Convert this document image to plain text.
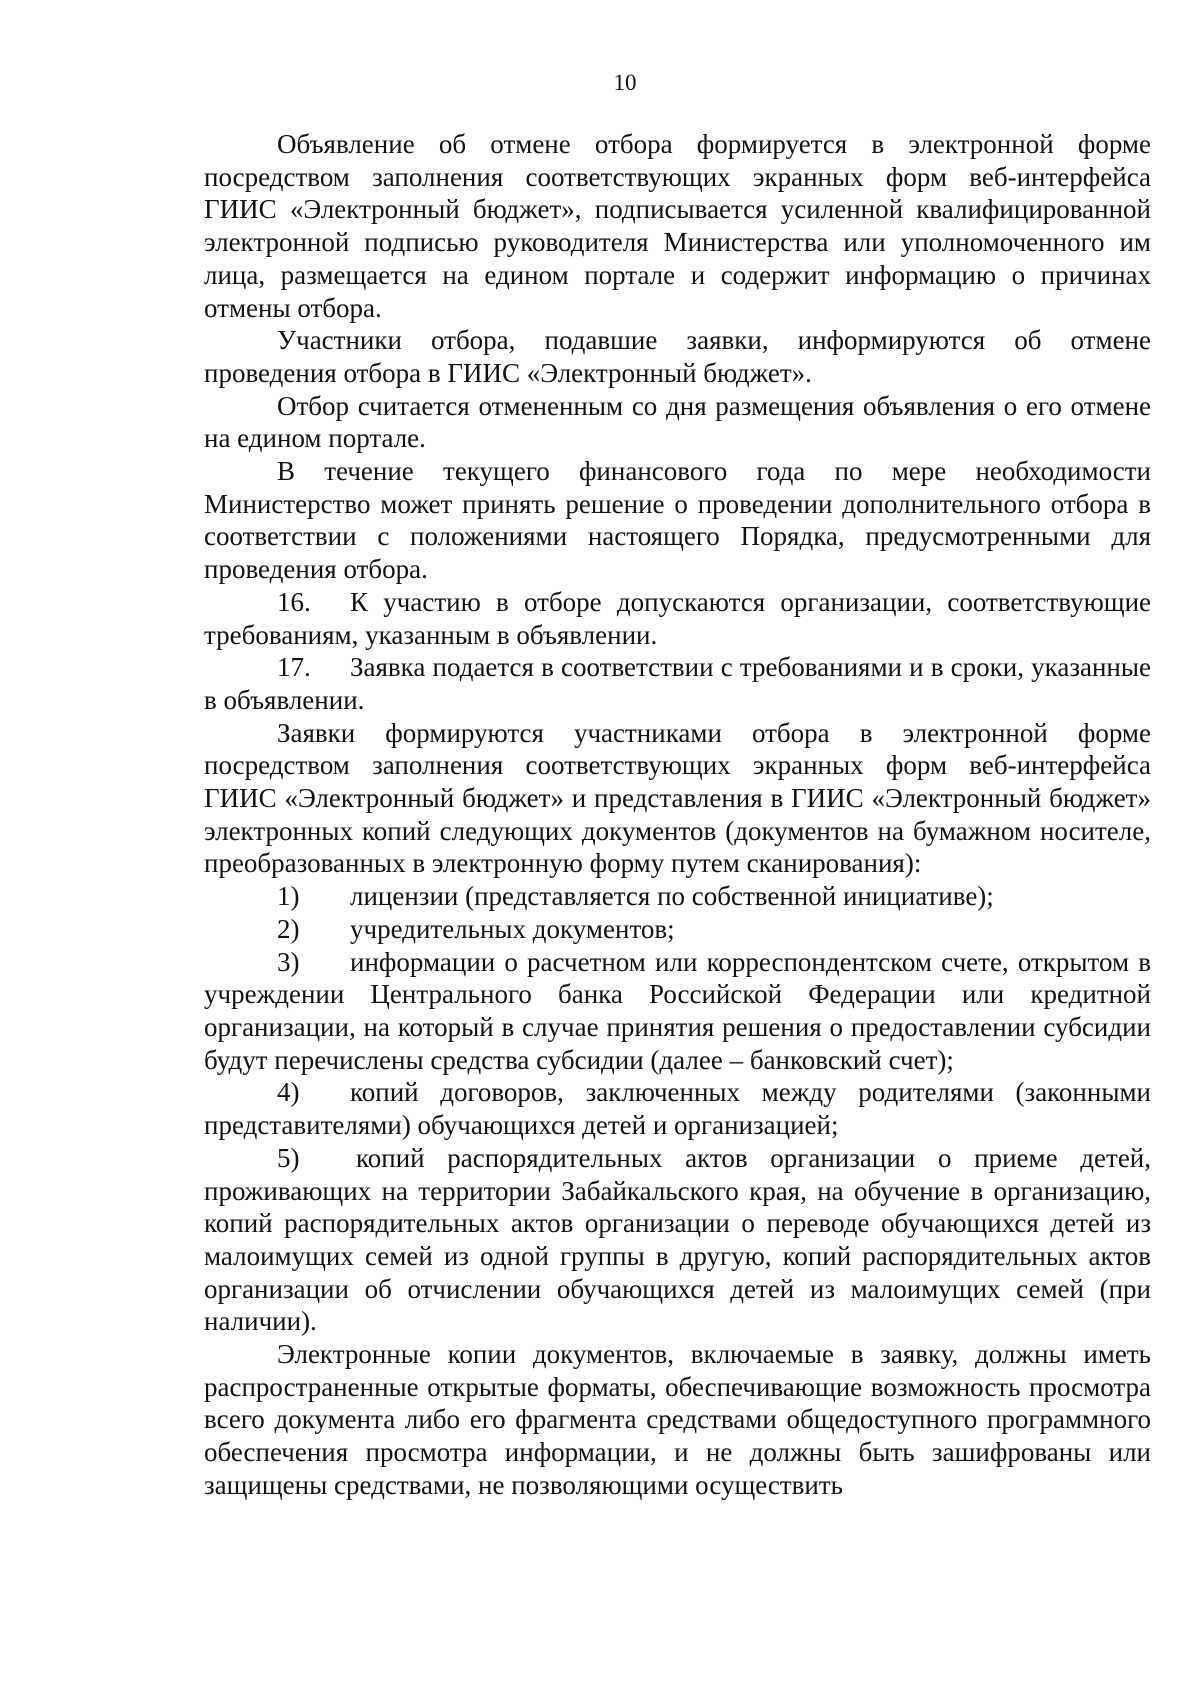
10

Объявление об отмене отбора формируется в электронной форме посредством заполнения соответствующих экранных форм веб-интерфейса ГИИС «Электронный бюджет», подписывается усиленной квалифицированной электронной подписью руководителя Министерства или уполномоченного им лица, размещается на едином портале и содержит информацию о причинах отмены отбора.

Участники отбора, подавшие заявки, информируются об отмене проведения отбора в ГИИС «Электронный бюджет».

Отбор считается отмененным со дня размещения объявления о его отмене на едином портале.

В течение текущего финансового года по мере необходимости Министерство может принять решение о проведении дополнительного отбора в соответствии с положениями настоящего Порядка, предусмотренными для проведения отбора.

16. К участию в отборе допускаются организации, соответствующие требованиям, указанным в объявлении.

17. Заявка подается в соответствии с требованиями и в сроки, указанные в объявлении.

Заявки формируются участниками отбора в электронной форме посредством заполнения соответствующих экранных форм веб-интерфейса ГИИС «Электронный бюджет» и представления в ГИИС «Электронный бюджет» электронных копий следующих документов (документов на бумажном носителе, преобразованных в электронную форму путем сканирования):

1) лицензии (представляется по собственной инициативе);

2) учредительных документов;

3) информации о расчетном или корреспондентском счете, открытом в учреждении Центрального банка Российской Федерации или кредитной организации, на который в случае принятия решения о предоставлении субсидии будут перечислены средства субсидии (далее – банковский счет);

4) копий договоров, заключенных между родителями (законными представителями) обучающихся детей и организацией;

5) копий распорядительных актов организации о приеме детей, проживающих на территории Забайкальского края, на обучение в организацию, копий распорядительных актов организации о переводе обучающихся детей из малоимущих семей из одной группы в другую, копий распорядительных актов организации об отчислении обучающихся детей из малоимущих семей (при наличии).

Электронные копии документов, включаемые в заявку, должны иметь распространенные открытые форматы, обеспечивающие возможность просмотра всего документа либо его фрагмента средствами общедоступного программного обеспечения просмотра информации, и не должны быть зашифрованы или защищены средствами, не позволяющими осуществить
